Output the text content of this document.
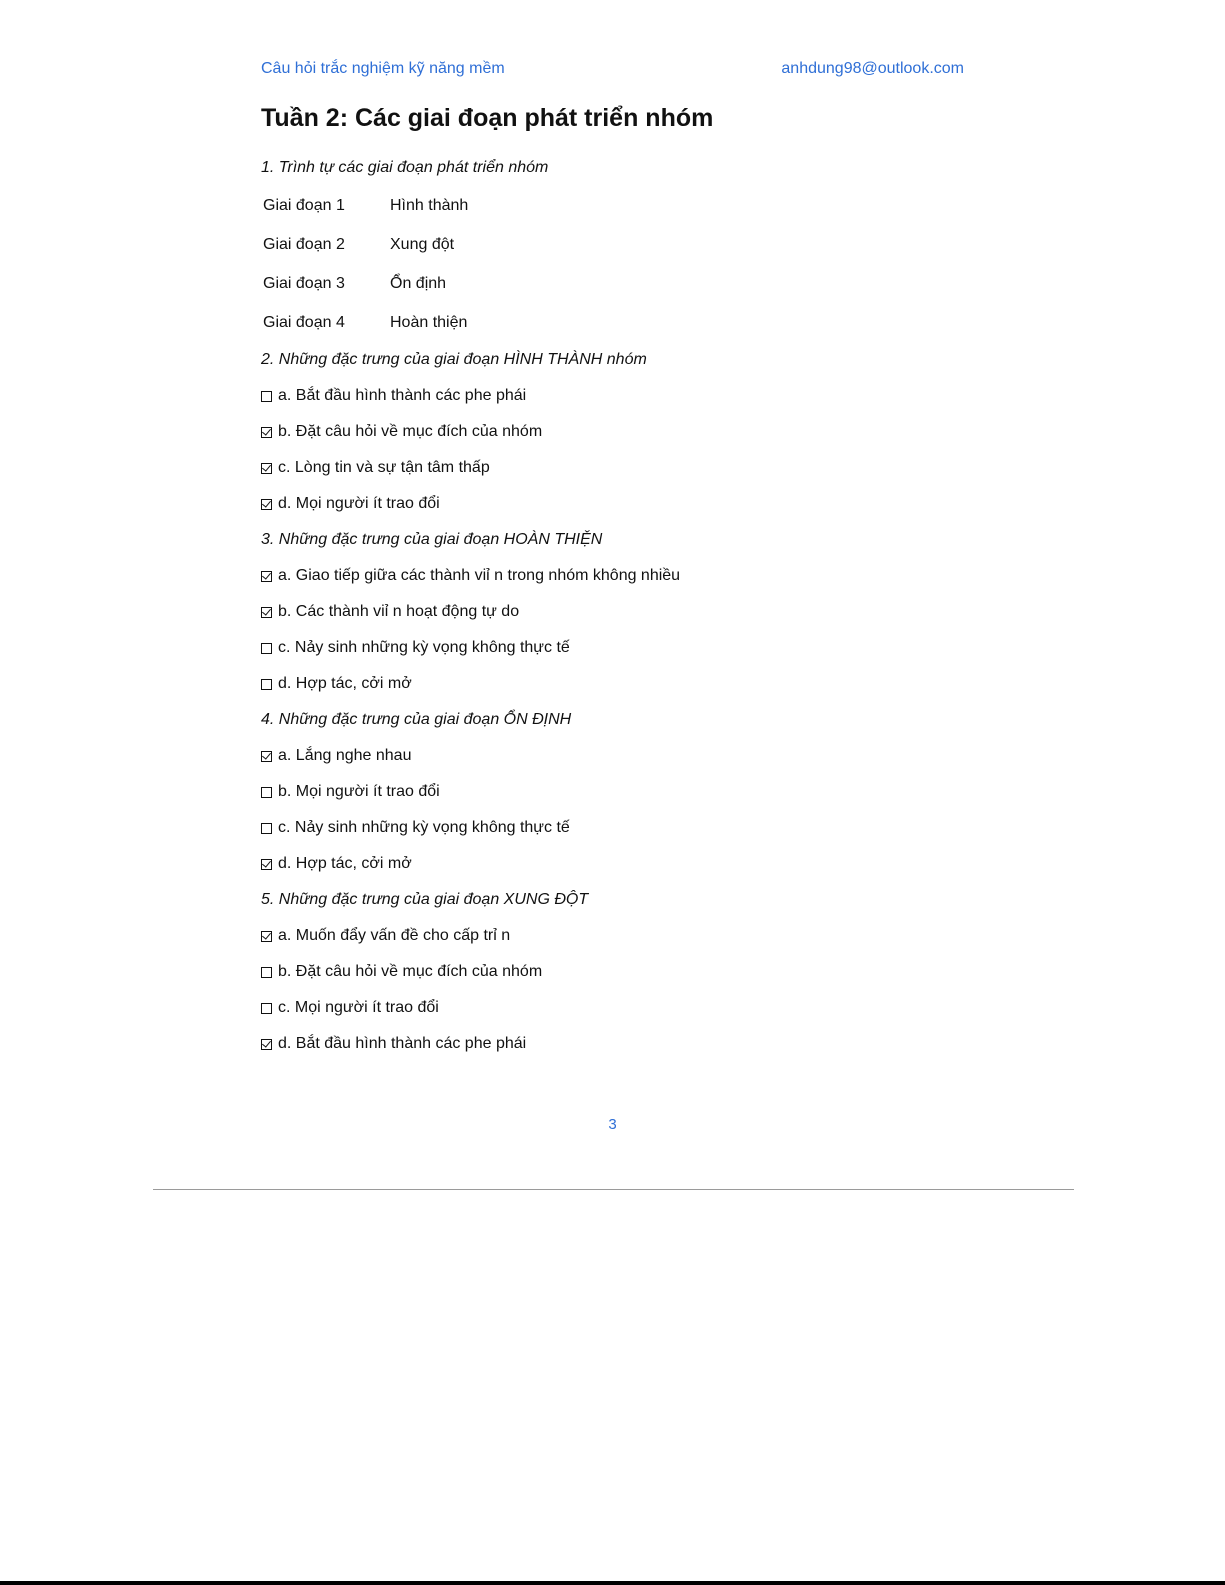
Câu hỏi trắc nghiệm kỹ năng mềm	anhdung98@outlook.com
Tuần 2: Các giai đoạn phát triển nhóm
1. Trình tự các giai đoạn phát triển nhóm
Giai đoạn 1	Hình thành
Giai đoạn 2	Xung đột
Giai đoạn 3	Ổn định
Giai đoạn 4	Hoàn thiện
2. Những đặc trưng của giai đoạn HÌNH THÀNH nhóm
a. Bắt đầu hình thành các phe phái
b. Đặt câu hỏi về mục đích của nhóm
c. Lòng tin và sự tận tâm thấp
d. Mọi người ít trao đổi
3. Những đặc trưng của giai đoạn HOÀN THIỆN
a. Giao tiếp giữa các thành viỉ n trong nhóm không nhiều
b. Các thành viỉ n hoạt động tự do
c. Nảy sinh những kỳ vọng không thực tế
d. Hợp tác, cởi mở
4. Những đặc trưng của giai đoạn ỔN ĐỊNH
a. Lắng nghe nhau
b. Mọi người ít trao đổi
c. Nảy sinh những kỳ vọng không thực tế
d. Hợp tác, cởi mở
5. Những đặc trưng của giai đoạn XUNG ĐỘT
a. Muốn đẩy vấn đề cho cấp trỉ n
b. Đặt câu hỏi về mục đích của nhóm
c. Mọi người ít trao đổi
d. Bắt đầu hình thành các phe phái
3
